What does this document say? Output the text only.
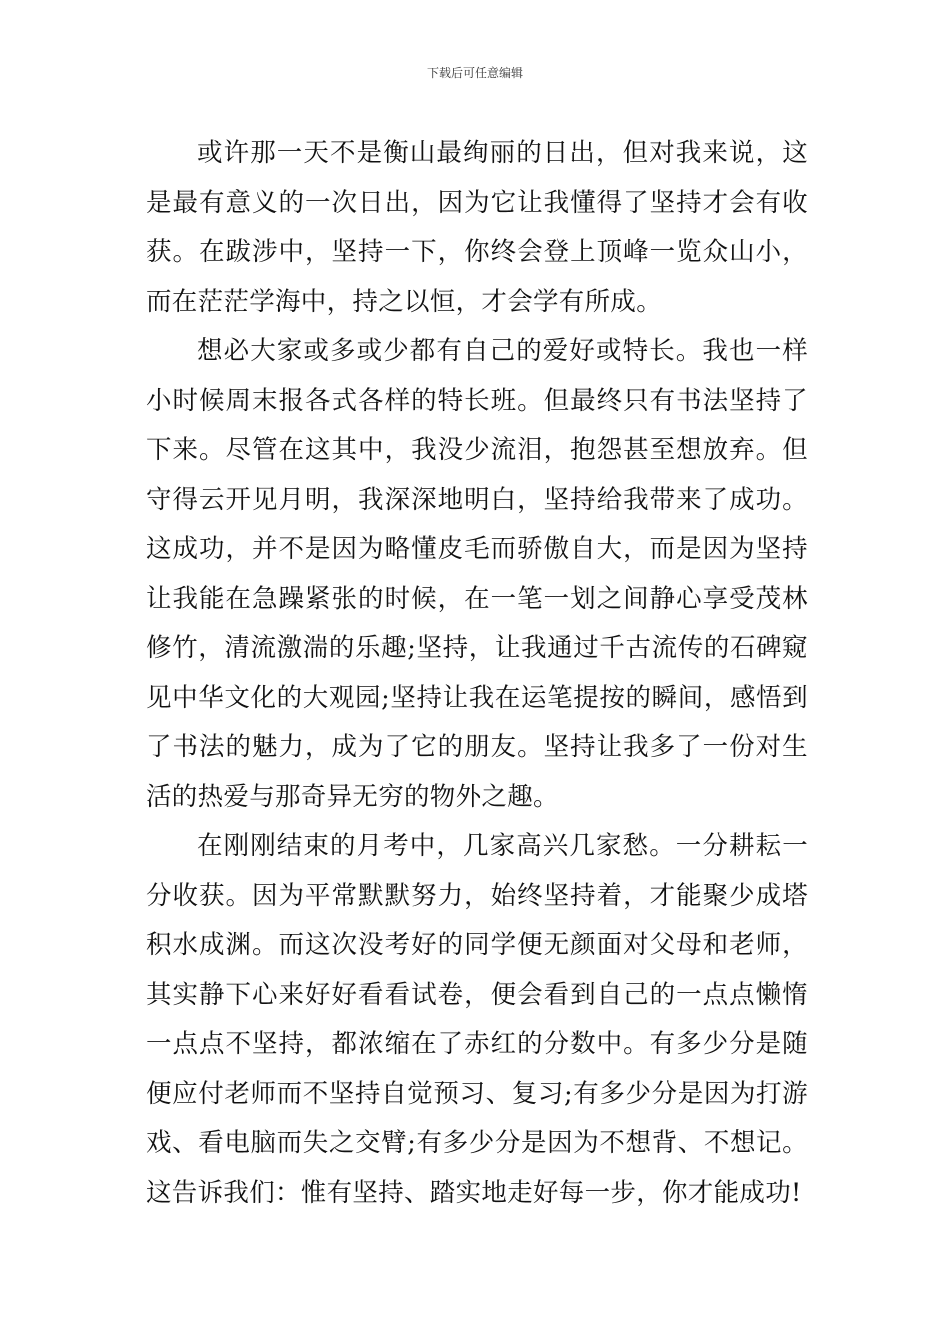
下载后可任意编辑

或许那一天不是衡山最绚丽的日出，但对我来说，这是最有意义的一次日出，因为它让我懂得了坚持才会有收获。在跋涉中，坚持一下，你终会登上顶峰一览众山小，而在茫茫学海中，持之以恒，才会学有所成。

想必大家或多或少都有自己的爱好或特长。我也一样小时候周末报各式各样的特长班。但最终只有书法坚持了下来。尽管在这其中，我没少流泪，抱怨甚至想放弃。但守得云开见月明，我深深地明白，坚持给我带来了成功。这成功，并不是因为略懂皮毛而骄傲自大，而是因为坚持让我能在急躁紧张的时候，在一笔一划之间静心享受茂林修竹，清流激湍的乐趣;坚持，让我通过千古流传的石碑窥见中华文化的大观园;坚持让我在运笔提按的瞬间，感悟到了书法的魅力，成为了它的朋友。坚持让我多了一份对生活的热爱与那奇异无穷的物外之趣。

在刚刚结束的月考中，几家高兴几家愁。一分耕耘一分收获。因为平常默默努力，始终坚持着，才能聚少成塔积水成渊。而这次没考好的同学便无颜面对父母和老师，其实静下心来好好看看试卷，便会看到自己的一点点懒惰一点点不坚持，都浓缩在了赤红的分数中。有多少分是随便应付老师而不坚持自觉预习、复习;有多少分是因为打游戏、看电脑而失之交臂;有多少分是因为不想背、不想记。这告诉我们：惟有坚持、踏实地走好每一步，你才能成功!
